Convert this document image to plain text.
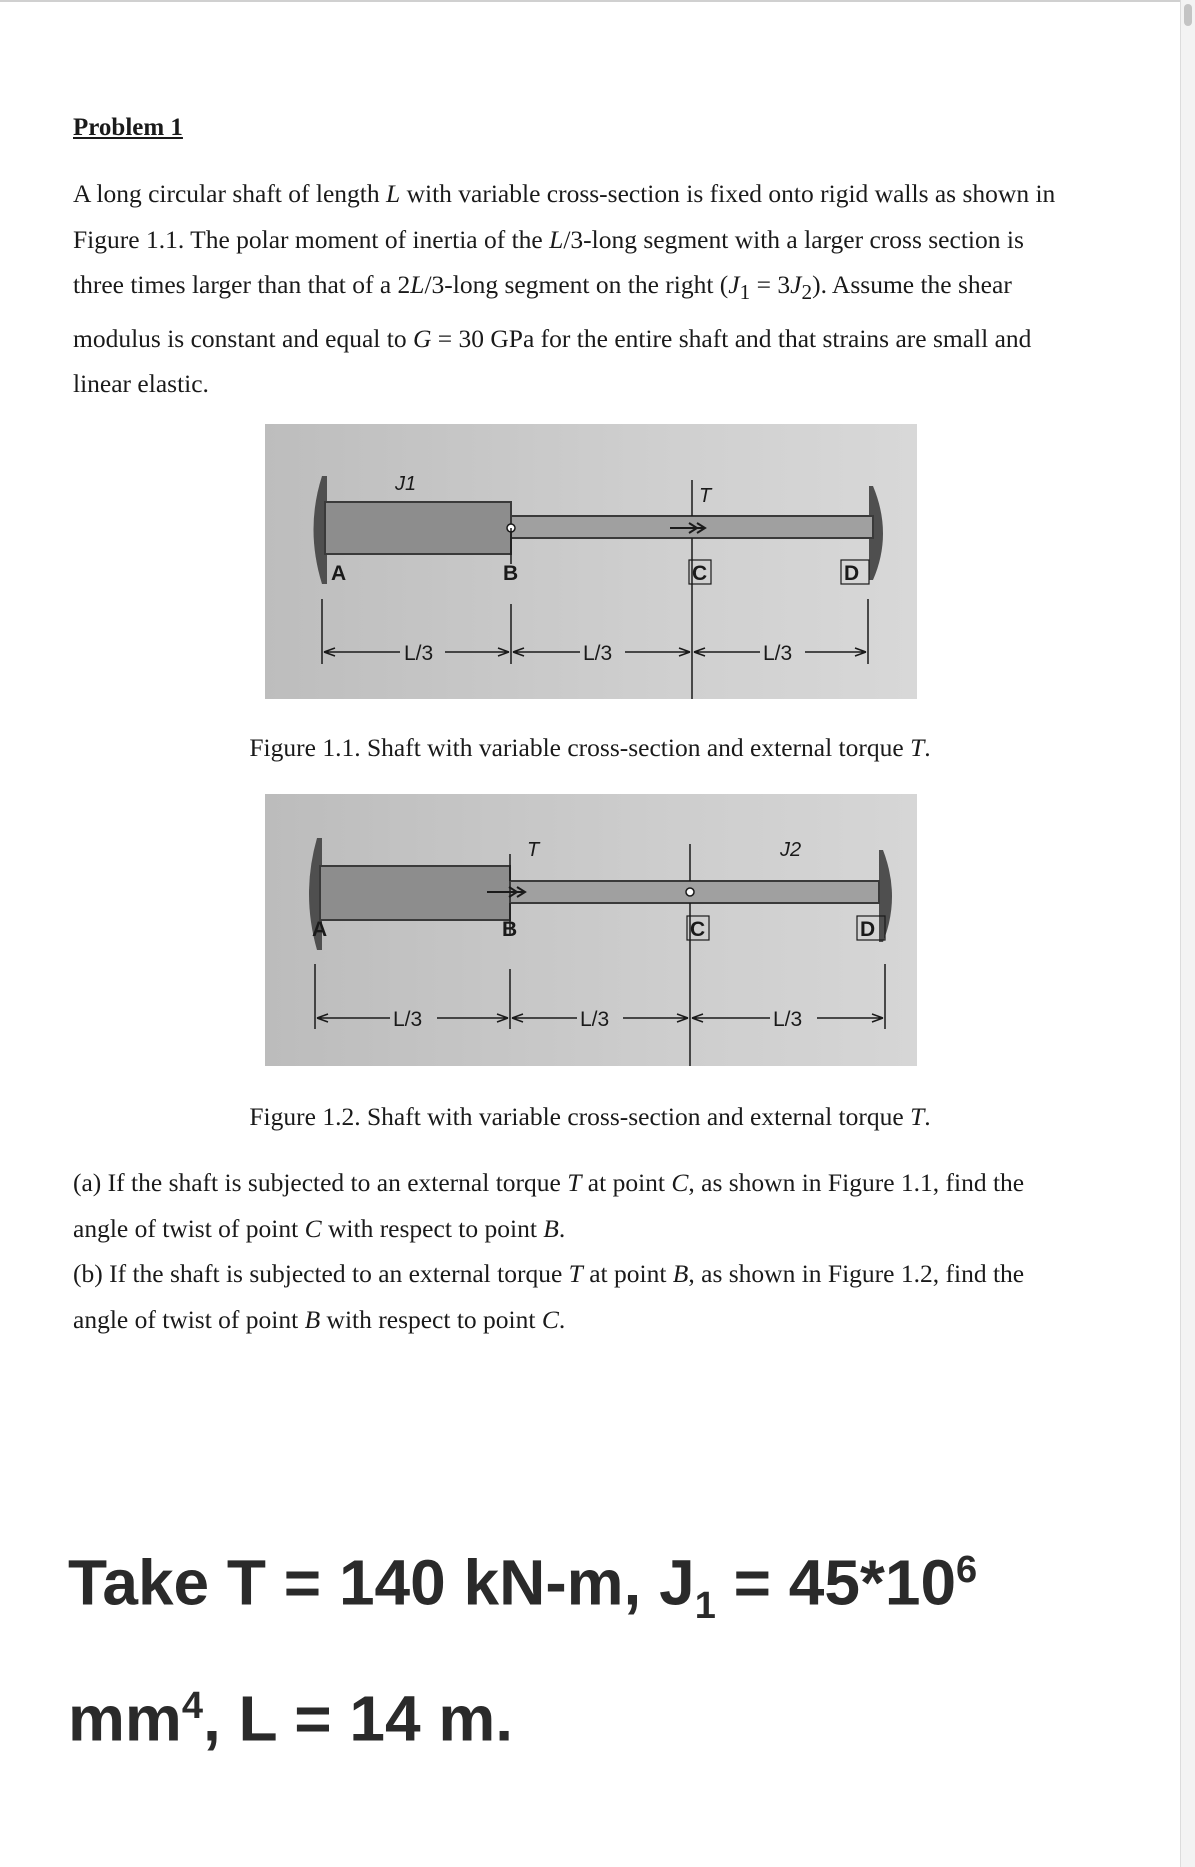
Problem 1
A long circular shaft of length L with variable cross-section is fixed onto rigid walls as shown in
Figure 1.1. The polar moment of inertia of the L/3-long segment with a larger cross section is
three times larger than that of a 2L/3-long segment on the right $(J_1 = 3J_2)$. Assume the shear
modulus is constant and equal to G = 30 GPa for the entire shaft and that strains are small and
linear elastic.
J1
T
A	B	C	D
L/3	L/3	L/3
Figure 1.1. Shaft with variable cross-section and external torque T.
T	J2
A	B	C	D
L/3	L/3	L/3
Figure 1.2. Shaft with variable cross-section and external torque T.
(a) If the shaft is subjected to an external torque T at point C, as shown in Figure 1.1, find the
angle of twist of point C with respect to point B.
(b) If the shaft is subjected to an external torque T at point B, as shown in Figure 1.2, find the
angle of twist of point B with respect to point C.
Take T = 140 kN-m, $J_1 = 45*10^6$
$mm^4$, L = 14 m.
